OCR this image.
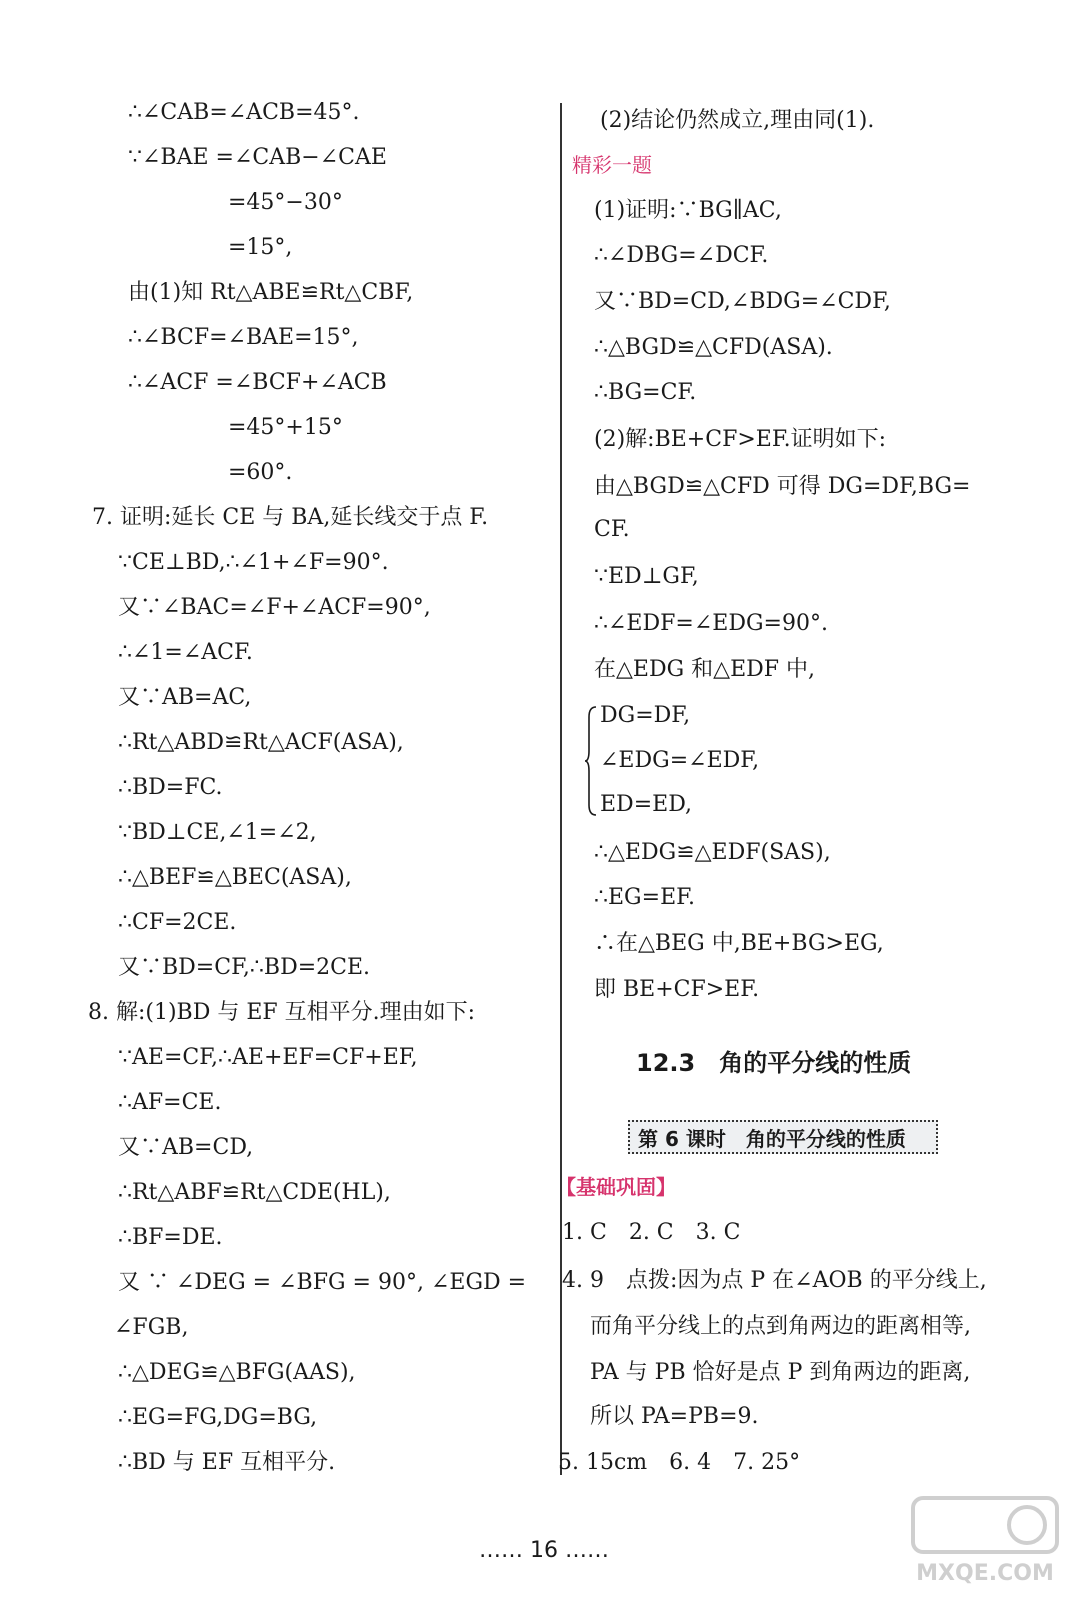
∴∠CAB=∠ACB=45°.
∵∠BAE =∠CAB−∠CAE
=45°−30°
=15°,
由(1)知 Rt△ABE≌Rt△CBF,
∴∠BCF=∠BAE=15°,
∴∠ACF =∠BCF+∠ACB
=45°+15°
=60°.
7. 证明:延长 CE 与 BA,延长线交于点 F.
∵CE⊥BD,∴∠1+∠F=90°.
又∵∠BAC=∠F+∠ACF=90°,
∴∠1=∠ACF.
又∵AB=AC,
∴Rt△ABD≌Rt△ACF(ASA),
∴BD=FC.
∵BD⊥CE,∠1=∠2,
∴△BEF≌△BEC(ASA),
∴CF=2CE.
又∵BD=CF,∴BD=2CE.
8. 解:(1)BD 与 EF 互相平分.理由如下:
∵AE=CF,∴AE+EF=CF+EF,
∴AF=CE.
又∵AB=CD,
∴Rt△ABF≌Rt△CDE(HL),
∴BF=DE.
又 ∵ ∠DEG = ∠BFG = 90°, ∠EGD =
∠FGB,
∴△DEG≌△BFG(AAS),
∴EG=FG,DG=BG,
∴BD 与 EF 互相平分.
(2)结论仍然成立,理由同(1).
精彩一题
(1)证明:∵BG∥AC,
∴∠DBG=∠DCF.
又∵BD=CD,∠BDG=∠CDF,
∴△BGD≌△CFD(ASA).
∴BG=CF.
(2)解:BE+CF>EF.证明如下:
由△BGD≌△CFD 可得 DG=DF,BG=
CF.
∵ED⊥GF,
∴∠EDF=∠EDG=90°.
在△EDG 和△EDF 中,
DG=DF,
∠EDG=∠EDF,
ED=ED,
∴△EDG≌△EDF(SAS),
∴EG=EF.
∴在△BEG 中,BE+BG>EG,
即 BE+CF>EF.
12.3　角的平分线的性质
第 6 课时　角的平分线的性质
【基础巩固】
1. C　2. C　3. C
4. 9　点拨:因为点 P 在∠AOB 的平分线上,
而角平分线上的点到角两边的距离相等,
PA 与 PB 恰好是点 P 到角两边的距离,
所以 PA=PB=9.
5. 15cm　6. 4　7. 25°
…… 16 ……
MXQE.COM
